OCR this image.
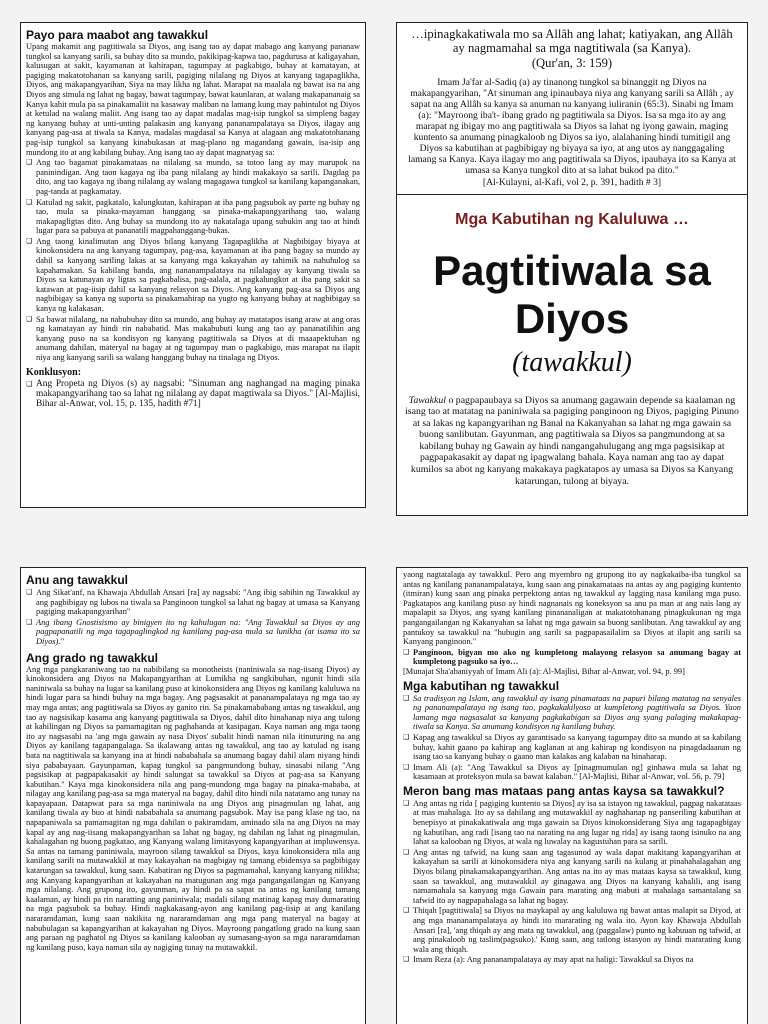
Payo para maabot ang tawakkul

Upang makamit ang pagtitiwala sa Diyos, ang isang tao ay dapat mabago ang kanyang pananaw tungkol sa kanyang sarili, sa buhay dito sa mundo, pakikipag-kapwa tao, pagdurusa at kaligayahan, kalusugan at sakit, kayamanan at kahirapan, tagumpay at pagkabigo, buhay at kamatayan, at pagiging makatotohanan sa kanyang sarili, pagiging nilalang ng Diyos at kanyang tagapaglikha, Diyos, ang makapangyarihan, Siya na may likha ng lahat. Marapat na maalala ng bawat isa na ang Diyos ang simula ng lahat ng bagay, bawat tagumpay, bawat kaunlaran, at walang makapananaig sa Kanya kahit mula pa sa pinakamaliit na kasaway maliban na lamang kung may pahintulot ng Diyos at ketulad na walang maliit. Ang isang tao ay dapat madalas mag-isip tungkol sa simpleng bagay ng kanyang buhay at unti-unting palakasin ang kanyang pananampalataya sa Diyos, ilagay ang kanyang pag-asa at tiwala sa Kanya, madalas magdasal sa Kanya at alagaan ang makatotohanang pag-isip tungkol sa kanyang kinabukasan at mag-plano ng magandang gawain, isa-isip ang mundong ito at ang kabilang buhay. Ang isang tao ay dapat magnatyag sa:

❑ Ang tao bagamat pinakamataas na nilalang sa mundo, sa totoo lang ay may marupok na paninindigan. Ang taon kagaya ng iba pang nilalang ay hindi makakayo sa sarili. Dagdag pa dito, ang tao kagaya ng ibang nilalang ay walang magagawa tungkol sa kanilang kapanganakan, pag-tanda at pagkamatay.

❑ Katulad ng sakit, pagkatalo, kalungkutan, kahirapan at iba pang pagsubok ay parte ng buhay ng tao, mula sa pinaka-mayaman hanggang sa pinaka-makapangyarihang tao, walang makapagligtas dito. Ang buhay sa mundong ito ay nakatalaga upang subukin ang tao at hindi lugar para sa pabuya at pananatili magpahanggang-bukas.

❑ Ang taong kinalimutan ang Diyos bilang kanyang Tagapaglikha at Nagbibigay biyaya at kinokonsidera na ang kanyang tagumpay, pag-asa, kayamanan at iba pang bagay sa mundo ay dahil sa kanyang sariling lakas at sa kanyang mga kakayahan ay tahimik na nahuhulog sa kapahamakan. Sa kabilang banda, ang nananampalataya na nilalagay ay kanyang tiwala sa Diyos sa katunayan ay ligtas sa pagkabalisa, pag-aalala, at pagkalungkot at iba pang sakit sa katawan at pag-iisip dahil sa kanyang relasyon sa Diyos. Ang kanyang pag-asa sa Diyos ang nagbibigay sa kanya ng suporta sa pinakamahirap na yugto ng kanyang buhay at nagbibigay sa kanya ng kalakasan.

❑ Sa bawat nilalang, na nabubuhay dito sa mundo, ang buhay ay matatapos isang araw at ang oras ng kamatayan ay hindi rin nababatid. Mas makabubuti kung ang tao ay pananatilihin ang kanyang puso na sa kondisyon ng kanyang pagtitiwala sa Diyos at di maaapektuhan ng anumang dahilan, materyal na bagay at ng tagumpay man o pagkabigo, mas marapat na ilapit niya ang kanyang sarili sa walang hanggang buhay na tinalaga ng Diyos.

Konklusyon:

❑ Ang Propeta ng Diyos (s) ay nagsabi: "Sinuman ang naghangad na maging pinaka makapangyarihang tao sa lahat ng nilalang ay dapat magtiwala sa Diyos." [Al-Majlisi, Bihar al-Anwar, vol. 15, p. 135, hadith #71]

…ipinagkakatiwala mo sa Allâh ang lahat; katiyakan, ang Allâh ay nagmamahal sa mga nagtitiwala (sa Kanya).

(Qur'an, 3: 159)

Imam Ja'far al-Sadiq (a) ay tinanong tungkol sa binanggit ng Diyos na makapangyarihan, "At sinuman ang ipinaubaya niya ang kanyang sarili sa Allâh , ay sapat na ang Allâh sa kanya sa anuman na kanyang iuliranin (65:3). Sinabi ng Imam (a): "Mayroong iba't- ibang grado ng pagtitiwala sa Diyos. Isa sa mga ito ay ang marapat ng ibigay mo ang pagtitiwala sa Diyos sa lahat ng iyong gawain, maging kuntento sa anumang pinagkaloob ng Diyos sa iyo, alalahaning hindi tumitigil ang Diyos sa kabutihan at pagbibigay ng biyaya sa iyo, at ang utos ay nanggagaling lamang sa Kanya. Kaya ilagay mo ang pagtitiwala sa Diyos, ipaubaya ito sa Kanya at umasa sa Kanya tungkol dito at sa lahat bukod pa dito."

[Al-Kulayni, al-Kafi, vol 2, p. 391, hadith # 3]

Mga Kabutihan ng Kaluluwa …
Pagtitiwala sa Diyos
(tawakkul)

Tawakkul o pagpapaubaya sa Diyos sa anumang gagawain depende sa kaalaman ng isang tao at matatag na paniniwala sa pagiging panginoon ng Diyos, pagiging Pinuno at sa lakas ng kapangyarihan ng Banal na Kakanyahan sa lahat ng mga gawain sa buong sanlibutan. Gayunman, ang pagtitiwala sa Diyos sa pangmundong at sa kabilang buhay ng Gawain ay hindi nangangahulugang ang mga pagsisikap at pagpapakasakit ay dapat ng ipagwalang bahala. Kaya naman ang tao ay dapat kumilos sa abot ng kanyang makakaya pagkatapos ay umasa sa Diyos sa Kanyang katarungan, tulong at biyaya.

Anu ang tawakkul

❑ Ang Sikat'anf, na Khawaja Abdullah Ansari [ra] ay nagsabi: "Ang ibig sabihin ng Tawakkul ay ang pagbibigay ng lubos na tiwala sa Panginoon tungkol sa lahat ng bagay at umasa sa Kanyang pagiging makapangyarihan"

❑ Ang ibang Gnostisismo ay binigyen ito ng kahulugan na: "Ang Tawakkul sa Diyos ay ang pagpapanatili ng mga tagapaglingkod ng kanilang pag-asa mula sa lunikha (at isama ito sa Diyos)."

Ang grado ng tawakkul

Ang mga pangkaraniwang tao na nabibilang sa monotheists (naniniwala sa nag-iisang Diyos) ay kinokonsidera ang Diyos na Makapangyarihan at Lumikha ng sangkibuhan, ngunit hindi sila naniniwala sa buhay na lugar sa kanilang puso at kinokonsidera ang Diyos ng kanilang kaluluwa na hindi lugar para sa hindi buhay na mga bagay. Ang pagsasakit at pananampalataya ng mga tao ay may mga antas; ang pagtitiwala sa Diyos ay ganito rin. Sa pinakamababang antas ng tawakkul, ang tao ay nagsisikap kasama ang kanyang pagtitiwala sa Diyos, dahil dito hinahanap niya ang tulong at kahilingan ng Diyos sa pamamagitan ng paghahanda at kasipagan. Kaya naman ang mga taong ito ay nagsasabi na 'ang mga gawain ay nasa Diyos' subalit hindi naman nila itinuturing na ang Diyos ay kanilang tagapangalaga. Sa ikalawang antas ng tawakkul, ang tao ay katulad ng isang bata na nagtitiwala sa kanyang ina at hindi nababahala sa anumang bagay dahil alam niyang hindi siya pababayaan. Gayunpaman, kapag tungkol sa pangmundong buhay, sinasabi nilang "Ang pagsisikap at pagpapakasakit ay hindi salungat sa tawakkul sa Diyos at pag-asa sa Kanyang kabutihan." Kaya mga kinokonsidera nila ang pang-mundong mga bagay na pinaka-mababa, at nilagay ang kanilang pag-asa sa mga materyal na bagay, dahil dito hindi nila natatamo ang tunay na kapayapaan. Datapwat para sa mga naniniwala na ang Diyos ang pinagmulan ng lahat, ang kanilang tiwala ay buo at hindi nababahala sa anumang pagsubok. May isa pang klase ng tao, na napapaniwala sa pamamagitan ng mga dahilan o pakiramdam, aminado sila na ang Diyos na may kapal ay ang nag-iisang makapangyarihan sa lahat ng bagay, ng dahilan ng lahat ng pinagmulan, kahalagahan ng buong pagkatao, ang Kanyang walang limitasyong kapangyarihan at impluwensya. Sa antas na tamang paniniwala, mayroon silang tawakkul sa Diyos, kaya kinokonsidera nila ang kanilang sarili na mutawakkil at may kakayahan na magbigay ng tamang ebidensya sa pagbibigay katarungan sa tawakkul, kung saan. Kabatiran ng Diyos sa pagmamahal, kanyang kanyang nilikha; ang Kanyang kapangyarihan at kakayahan na matugunan ang mga pangangailangan ng Kanyang mga nilalang. Ang grupong ito, gayunman, ay hindi pa sa sapat na antas ng kanilang tamang kaalaman, ay hindi pa rin naratting ang paniniwala; madali silang matinag kapag may dumarating na mga pagsubok sa buhay. Hindi nagkakasang-ayon ang kanilang pag-iisip at ang kanilang nararamdaman, kung saan nakikita ng nararamdaman ang mga pang materyal na bagay at nabubulagan sa kapangyarihan at kakayahan ng Diyos. Mayroong pangatlong grado na kung saan ang paraan ng paghatol ng Diyos sa kanilang kalooban ay sumasang-ayon sa mga nararamdaman ng kanilang puso, kaya naman sila ay nagiging tunay na mutawakkil.

yaong nagtatalaga ay tawakkul. Pero ang myembro ng grupong ito ay nagkakaiba-iba tungkol sa antas ng kanilang pananampalataya, kung saan ang pinakamataas na antas ay ang pagiging kuntento (itmiran) kung saan ang pinaka perpektong antas ng tawakkul ay lagging nasa kanilang mga puso. Pagkatapos ang kanilang puso ay hindi nagnanais ng koneksyon sa anu pa man at ang nais lang ay mapalapit sa Diyos, ang syang kanilang pinananaligan at makatotohanang pinagkukunan ng mga pangangailangan ng Kakanyahan sa lahat ng mga gawain sa buong sanlibutan. Ang tawakkul ay ang pantukoy sa tawakkul na "hubugin ang sarili sa pagpapasailalim sa Diyos at ilapit ang sarili sa Kanyang panginoon."

❑ Panginoon, bigyan mo ako ng kumpletong malayong relasyon sa anumang bagay at kumpletong pagsuko sa iyo…

[Munajat Sha'abaniyyah of Imam Ali (a): Al-Majlisi, Bihar al-Anwar, vol. 94, p. 99]

Mga kabutihan ng tawakkul

❑ Sa tradisyon ng Islam, ang tawakkul ay isang pinamataas na papuri bilang matatag na senyales ng pananampalataya ng isang tao, pagkakakilyoso at kumpletong pagtitiwala sa Diyos. Yaon lamang mga nagsasalat sa kanyang pagkakabigan sa Diyos ang syang palaging makakapag-tiwala sa Kanya. Sa anumang kondisyon ng kanilang buhay.

❑ Kapag ang tawakkul sa Diyos ay garantisado sa kanyang tagumpay dito sa mundo at sa kabilang buhay, kahit gaano pa kahirap ang kaglanan at ang kahirap ng kondisyon na pinagdadaanan ng isang tao sa kanyang buhay o gaano man kalakas ang kalaban na hinaharap.

❑ Imam Ali (a): "Ang Tawakkul sa Diyos ay [pinagmumulan ng] ginhawa mula sa lahat ng kasamaan at proteksyon mula sa bawat kalaban." [Al-Majlisi, Bihar al-Anwar, vol. 56, p. 79]

Meron bang mas mataas pang antas kaysa sa tawakkul?

❑ Ang antas ng rida [ pagiging kuntento sa Diyos] ay isa sa istayon ng tawakkul, pagpag nakatataas at mas mahalaga. Ito ay sa dahilang ang mutawakkil ay naghahanap ng panseriling kabutihan at benepisyo at pinakakatiwala ang mga gawain sa Diyos kinokonsiderang Siya ang tagapagbigay ng kabutihan, ang radi [isang tao na narating na ang lugar ng rida] ay isang taong isinuko na ang lahat sa kalooban ng Diyos, at wala ng luwalay na kagustuhan para sa sarili.

❑ Ang antas ng tafwid, na kung saan ang tagasunod ay wala dapat makitang kapangyarihan at kakayahan sa sarili at kinokonsidera niya ang kanyang sarili na kulang at pinahahalagahan ang Diyos bilang pinakamakapangyarihan. Ang antas na ito ay mas mataas kaysa sa tawakkul, kung saan sa tawakkul, ang mutawakkil ay ginagawa ang Diyos na kanyang kahalili, ang isang namamahala sa kanyang mga Gawain para marating ang mabuti at mahalaga samantalang sa tafwid ito ay nagpapahalaga sa lahat ng bagay.

❑ Thiqah [pagtitiwala] sa Diyos na maykapal ay ang kaluluwa ng bawat antas malapit sa Diyod, at ang mga mananampalataya ay hindi ito mararating ng wala ito. Ayon kay Khawaja Abdullah Ansari [ra], 'ang thiqah ay ang mata ng tawakkul, ang (paggalaw) punto ng kabuuan ng tafwid, at ang pinakaloob ng taslim(pagsuko).' Kung saan, ang tatlong istasyon ay hindi mararating kung wala ang thiqah.

❑ Imam Reza (a): Ang pananampalataya ay may apat na haligi: Tawakkul sa Diyos na
